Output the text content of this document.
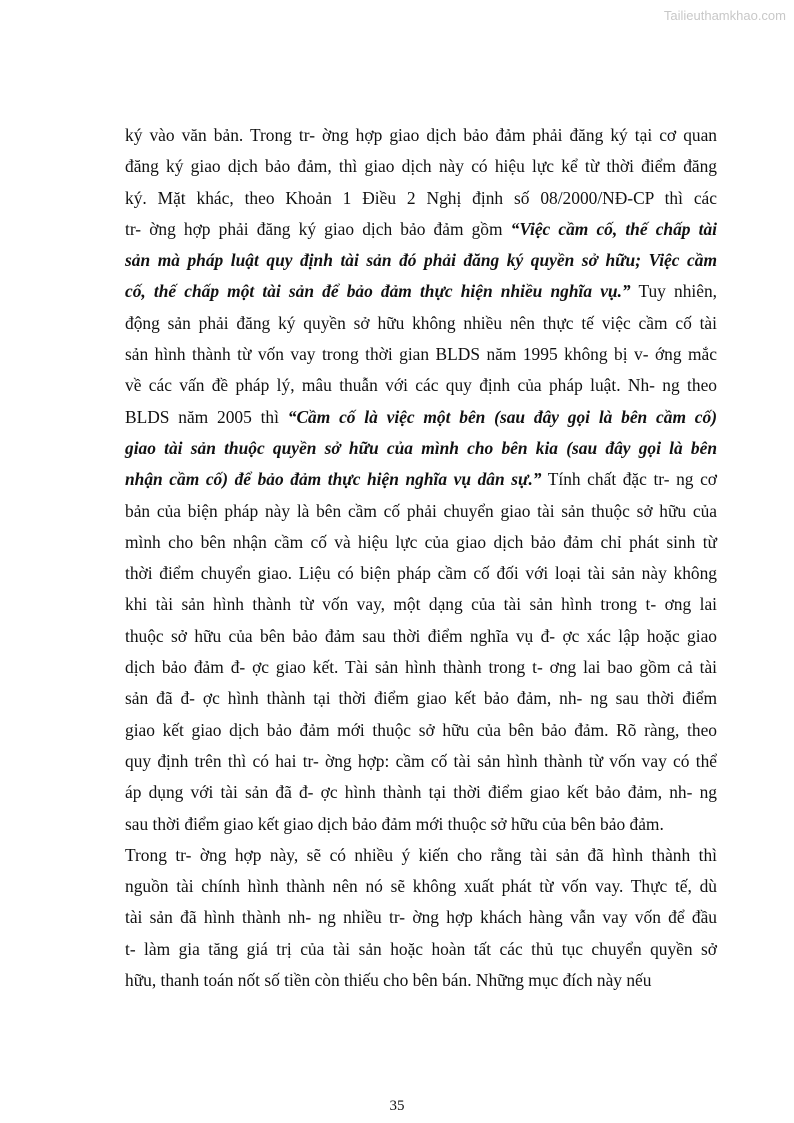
Tailieuthamkhao.com
ký vào văn bản. Trong tr- ờng hợp giao dịch bảo đảm phải đăng ký tại cơ quan
đăng ký giao dịch bảo đảm, thì giao dịch này có hiệu lực kể từ thời điểm đăng
ký. Mặt khác, theo Khoản 1 Điều 2 Nghị định số 08/2000/NĐ-CP thì các
tr- ờng hợp phải đăng ký giao dịch bảo đảm gồm “Việc cầm cố, thế chấp tài
sản mà pháp luật quy định tài sản đó phải đăng ký quyền sở hữu; Việc cầm
cố, thế chấp một tài sản để bảo đảm thực hiện nhiều nghĩa vụ.” Tuy nhiên,
động sản phải đăng ký quyền sở hữu không nhiều nên thực tế việc cầm cố tài
sản hình thành từ vốn vay trong thời gian BLDS năm 1995 không bị v- ớng mắc
về các vấn đề pháp lý, mâu thuẫn với các quy định của pháp luật. Nh- ng theo
BLDS năm 2005 thì “Cầm cố là việc một bên (sau đây gọi là bên cầm cố)
giao tài sản thuộc quyền sở hữu của mình cho bên kia (sau đây gọi là bên
nhận cầm cố) để bảo đảm thực hiện nghĩa vụ dân sự.” Tính chất đặc tr- ng cơ
bản của biện pháp này là bên cầm cố phải chuyển giao tài sản thuộc sở hữu của
mình cho bên nhận cầm cố và hiệu lực của giao dịch bảo đảm chỉ phát sinh từ
thời điểm chuyển giao. Liệu có biện pháp cầm cố đối với loại tài sản này không
khi tài sản hình thành từ vốn vay, một dạng của tài sản hình trong t- ơng lai
thuộc sở hữu của bên bảo đảm sau thời điểm nghĩa vụ đ- ợc xác lập hoặc giao
dịch bảo đảm đ- ợc giao kết. Tài sản hình thành trong t- ơng lai bao gồm cả tài
sản đã đ- ợc hình thành tại thời điểm giao kết bảo đảm, nh- ng sau thời điểm
giao kết giao dịch bảo đảm mới thuộc sở hữu của bên bảo đảm. Rõ ràng, theo
quy định trên thì có hai tr- ờng hợp: cầm cố tài sản hình thành từ vốn vay có thể
áp dụng với tài sản đã đ- ợc hình thành tại thời điểm giao kết bảo đảm, nh- ng
sau thời điểm giao kết giao dịch bảo đảm mới thuộc sở hữu của bên bảo đảm.
Trong tr- ờng hợp này, sẽ có nhiều ý kiến cho rằng tài sản đã hình thành thì
nguồn tài chính hình thành nên nó sẽ không xuất phát từ vốn vay. Thực tế, dù
tài sản đã hình thành nh- ng nhiều tr- ờng hợp khách hàng vẫn vay vốn để đầu
t- làm gia tăng giá trị của tài sản hoặc hoàn tất các thủ tục chuyển quyền sở
hữu, thanh toán nốt số tiền còn thiếu cho bên bán. Những mục đích này nếu
35
